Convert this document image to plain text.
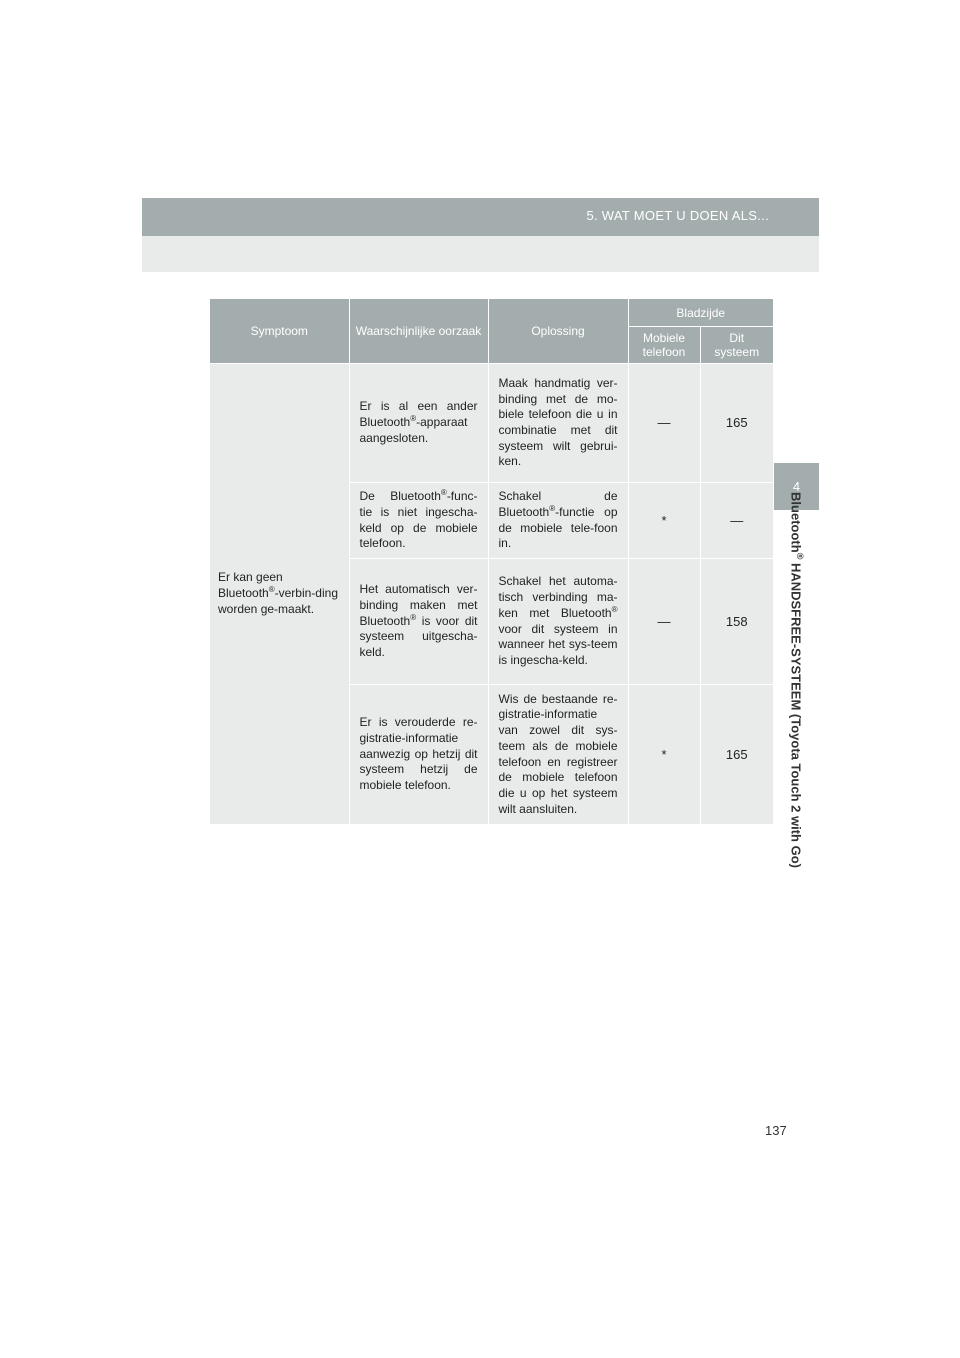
5. WAT MOET U DOEN ALS...
4
Bluetooth® HANDSFREE-SYSTEEM (Toyota Touch 2 with Go)
Symptoom	Waarschijnlijke oorzaak	Oplossing	Bladzijde	
			Mobiele telefoon	Dit systeem
Er kan geen Bluetooth®-verbin-ding worden ge-maakt.	Er is al een ander Bluetooth®-apparaat aangesloten.	Maak handmatig ver-binding met de mo-biele telefoon die u in combinatie met dit systeem wilt gebrui-ken.	—	165
	De Bluetooth®-func-tie is niet ingescha-keld op de mobiele telefoon.	Schakel de Bluetooth®-functie op de mobiele tele-foon in.	*	—
	Het automatisch ver-binding maken met Bluetooth® is voor dit systeem uitgescha-keld.	Schakel het automa-tisch verbinding ma-ken met Bluetooth® voor dit systeem in wanneer het sys-teem is ingescha-keld.	—	158
	Er is verouderde re-gistratie-informatie aanwezig op hetzij dit systeem hetzij de mobiele telefoon.	Wis de bestaande re-gistratie-informatie van zowel dit sys-teem als de mobiele telefoon en registreer de mobiele telefoon die u op het systeem wilt aansluiten.	*	165
137
